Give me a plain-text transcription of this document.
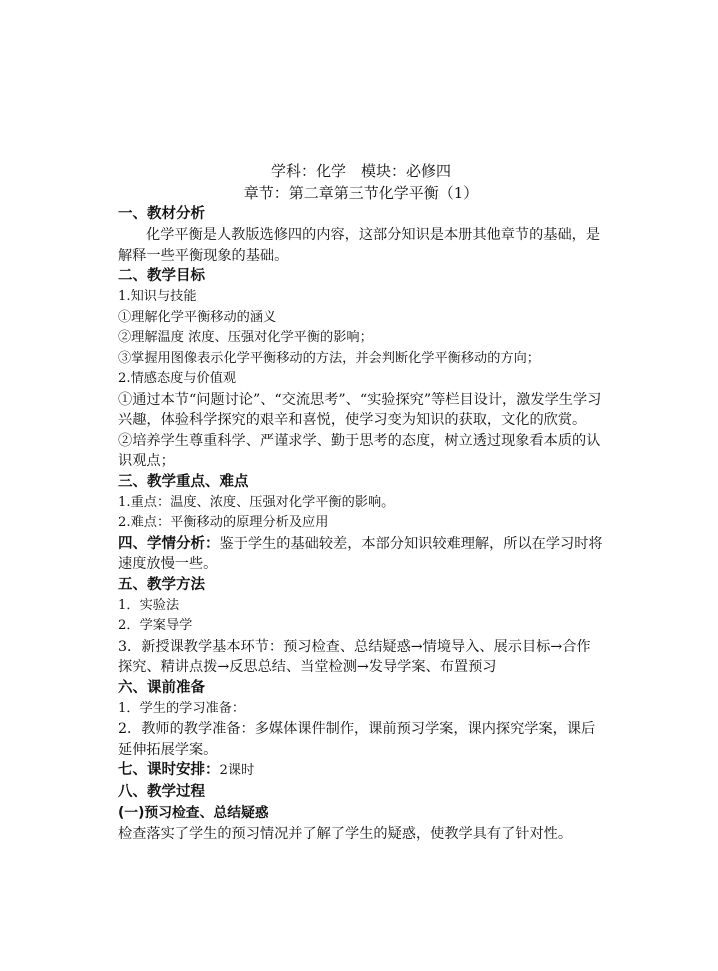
学科：化学　模块：必修四

章节：第二章第三节化学平衡（1）

一、教材分析

化学平衡是人教版选修四的内容，这部分知识是本册其他章节的基础，是解释一些平衡现象的基础。

二、教学目标

1.知识与技能

①理解化学平衡移动的涵义

②理解温度 浓度、压强对化学平衡的影响；

③掌握用图像表示化学平衡移动的方法，并会判断化学平衡移动的方向；

2.情感态度与价值观

①通过本节“问题讨论”、“交流思考”、“实验探究”等栏目设计，激发学生学习兴趣，体验科学探究的艰辛和喜悦，使学习变为知识的获取，文化的欣赏。

②培养学生尊重科学、严谨求学、勤于思考的态度，树立透过现象看本质的认识观点；

三、教学重点、难点

1.重点：温度、浓度、压强对化学平衡的影响。

2.难点：平衡移动的原理分析及应用

四、学情分析：鉴于学生的基础较差，本部分知识较难理解，所以在学习时将速度放慢一些。

五、教学方法

1．实验法

2．学案导学

3．新授课教学基本环节：预习检查、总结疑惑→情境导入、展示目标→合作探究、精讲点拨→反思总结、当堂检测→发导学案、布置预习

六、课前准备

1．学生的学习准备：

2．教师的教学准备：多媒体课件制作，课前预习学案，课内探究学案，课后延伸拓展学案。

七、课时安排：2课时

八、教学过程

(一)预习检查、总结疑惑

检查落实了学生的预习情况并了解了学生的疑惑，使教学具有了针对性。
